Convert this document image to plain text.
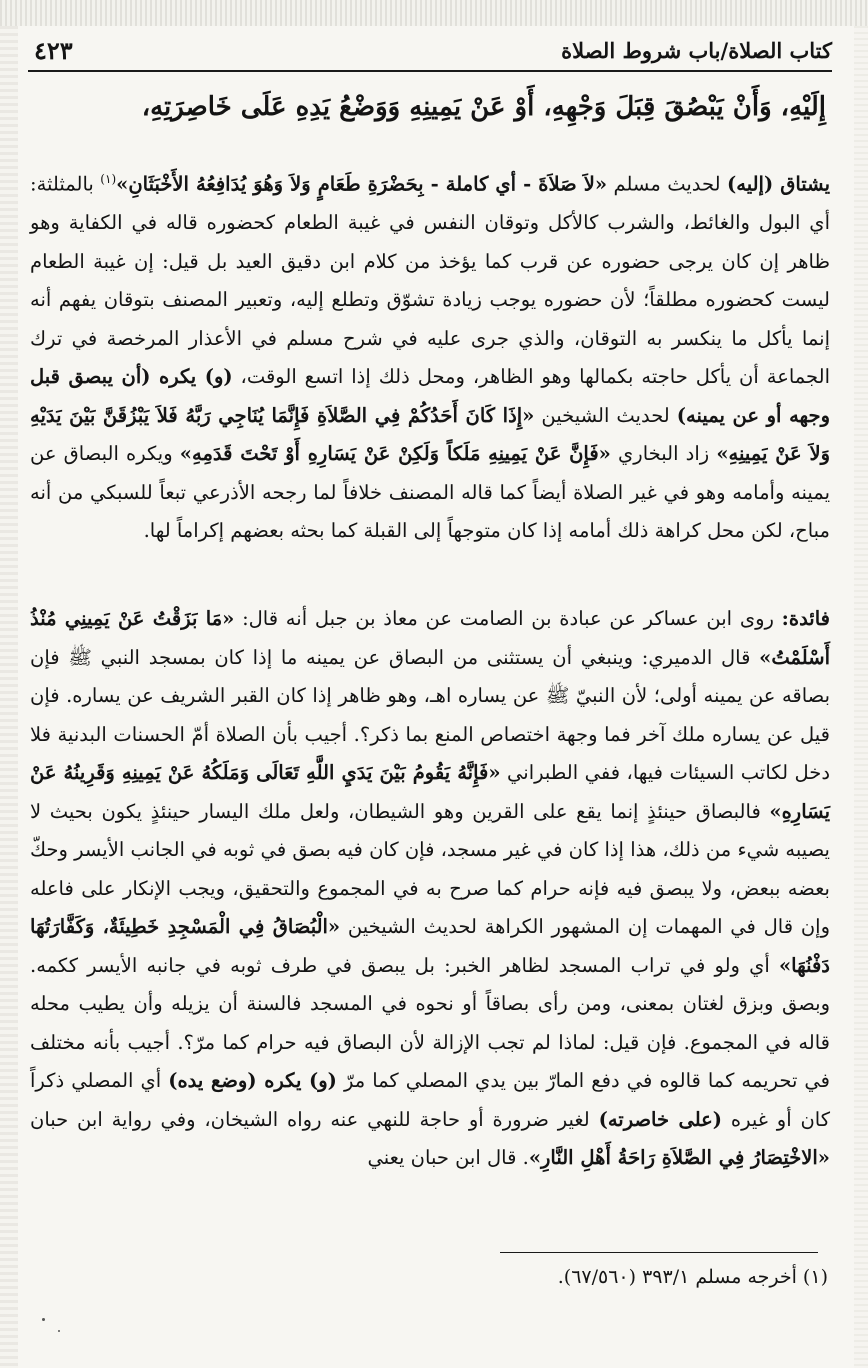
كتاب الصلاة/باب شروط الصلاة
٤٢٣
إِلَيْهِ، وَأَنْ يَبْصُقَ قِبَلَ وَجْهِهِ، أَوْ عَنْ يَمِينِهِ وَوَضْعُ يَدِهِ عَلَى خَاصِرَتِهِ،

يشتاق (إليه) لحديث مسلم «لاَ صَلاَةَ - أي كاملة - بِحَضْرَةِ طَعَامٍ وَلاَ وَهُوَ يُدَافِعُهُ الأَخْبَثَانِ»$^{(١)}$ بالمثلثة: أي البول والغائط، والشرب كالأكل وتوقان النفس في غيبة الطعام كحضوره قاله في الكفاية وهو ظاهر إن كان يرجى حضوره عن قرب كما يؤخذ من كلام ابن دقيق العيد بل قيل: إن غيبة الطعام ليست كحضوره مطلقاً؛ لأن حضوره يوجب زيادة تشوّق وتطلع إليه، وتعبير المصنف بتوقان يفهم أنه إنما يأكل ما ينكسر به التوقان، والذي جرى عليه في شرح مسلم في الأعذار المرخصة في ترك الجماعة أن يأكل حاجته بكمالها وهو الظاهر، ومحل ذلك إذا اتسع الوقت، (و) يكره (أن يبصق قبل وجهه أو عن يمينه) لحديث الشيخين «إِذَا كَانَ أَحَدُكُمْ فِي الصَّلاَةِ فَإِنَّمَا يُنَاجِي رَبَّهُ فَلاَ يَبْزُقَنَّ بَيْنَ يَدَيْهِ وَلاَ عَنْ يَمِينِهِ» زاد البخاري «فَإِنَّ عَنْ يَمِينِهِ مَلَكاً وَلَكِنْ عَنْ يَسَارِهِ أَوْ تَحْتَ قَدَمِهِ» ويكره البصاق عن يمينه وأمامه وهو في غير الصلاة أيضاً كما قاله المصنف خلافاً لما رجحه الأذرعي تبعاً للسبكي من أنه مباح، لكن محل كراهة ذلك أمامه إذا كان متوجهاً إلى القبلة كما بحثه بعضهم إكراماً لها.

فائدة: روى ابن عساكر عن عبادة بن الصامت عن معاذ بن جبل أنه قال: «مَا بَزَقْتُ عَنْ يَمِينِي مُنْذُ أَسْلَمْتُ» قال الدميري: وينبغي أن يستثنى من البصاق عن يمينه ما إذا كان بمسجد النبي ﷺ فإن بصاقه عن يمينه أولى؛ لأن النبيّ ﷺ عن يساره اهـ، وهو ظاهر إذا كان القبر الشريف عن يساره. فإن قيل عن يساره ملك آخر فما وجهة اختصاص المنع بما ذكر؟. أجيب بأن الصلاة أمّ الحسنات البدنية فلا دخل لكاتب السيئات فيها، ففي الطبراني «فَإِنَّهُ يَقُومُ بَيْنَ يَدَيِ اللَّهِ تَعَالَى وَمَلَكُهُ عَنْ يَمِينِهِ وَقَرِينُهُ عَنْ يَسَارِهِ» فالبصاق حينئذٍ إنما يقع على القرين وهو الشيطان، ولعل ملك اليسار حينئذٍ يكون بحيث لا يصيبه شيء من ذلك، هذا إذا كان في غير مسجد، فإن كان فيه بصق في ثوبه في الجانب الأيسر وحكّ بعضه ببعض، ولا يبصق فيه فإنه حرام كما صرح به في المجموع والتحقيق، ويجب الإنكار على فاعله وإن قال في المهمات إن المشهور الكراهة لحديث الشيخين «الْبُصَاقُ فِي الْمَسْجِدِ خَطِيئَةٌ، وَكَفَّارَتُهَا دَفْنُهَا» أي ولو في تراب المسجد لظاهر الخبر: بل يبصق في طرف ثوبه في جانبه الأيسر ككمه. وبصق وبزق لغتان بمعنى، ومن رأى بصاقاً أو نحوه في المسجد فالسنة أن يزيله وأن يطيب محله قاله في المجموع. فإن قيل: لماذا لم تجب الإزالة لأن البصاق فيه حرام كما مرّ؟. أجيب بأنه مختلف في تحريمه كما قالوه في دفع المارّ بين يدي المصلي كما مرّ (و) يكره (وضع يده) أي المصلي ذكراً كان أو غيره (على خاصرته) لغير ضرورة أو حاجة للنهي عنه رواه الشيخان، وفي رواية ابن حبان «الاخْتِصَارُ فِي الصَّلاَةِ رَاحَةُ أَهْلِ النَّارِ». قال ابن حبان يعني

(١) أخرجه مسلم ٣٩٣/١ (٦٧/٥٦٠).
